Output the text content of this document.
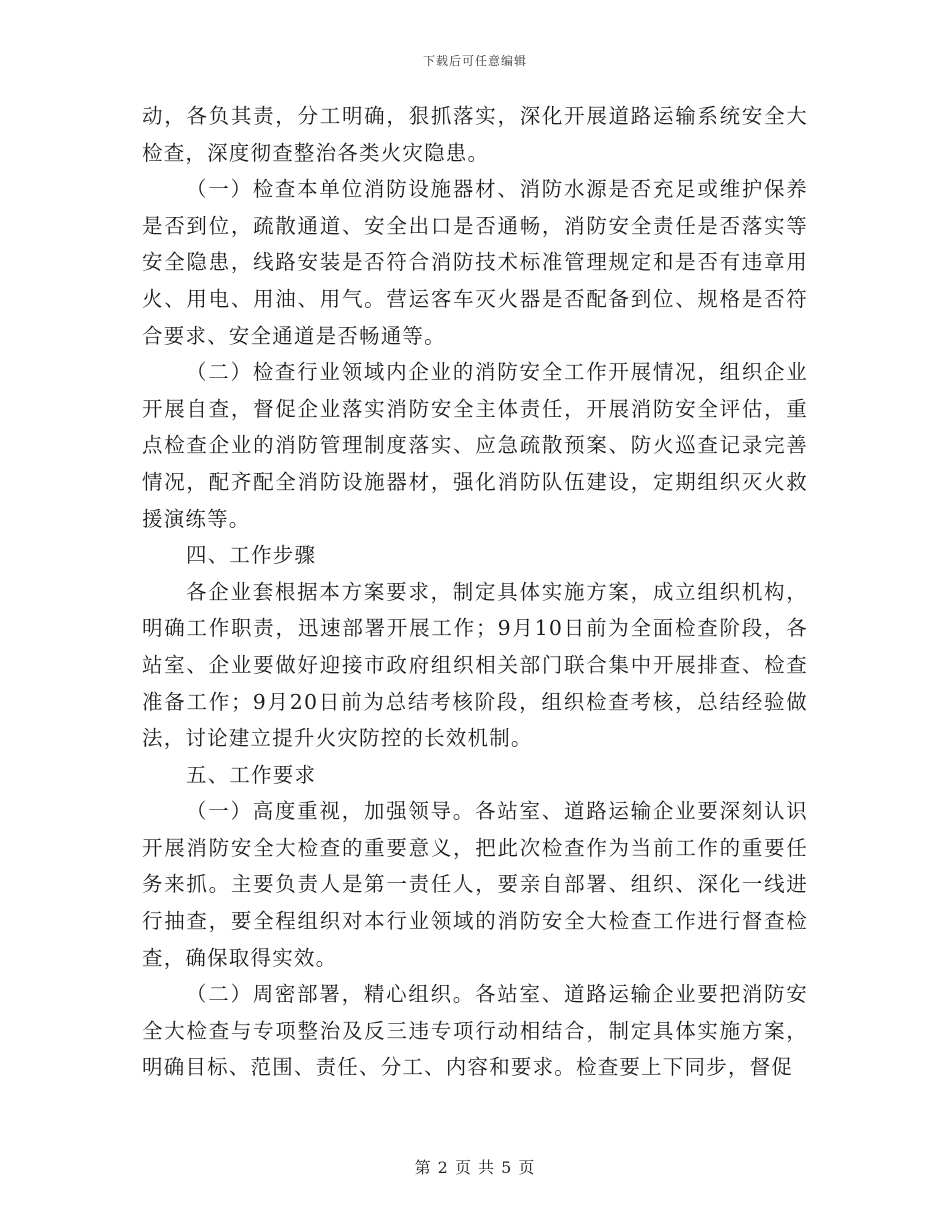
下载后可任意编辑

动，各负其责，分工明确，狠抓落实，深化开展道路运输系统安全大检查，深度彻查整治各类火灾隐患。

（一）检查本单位消防设施器材、消防水源是否充足或维护保养是否到位，疏散通道、安全出口是否通畅，消防安全责任是否落实等安全隐患，线路安装是否符合消防技术标准管理规定和是否有违章用火、用电、用油、用气。营运客车灭火器是否配备到位、规格是否符合要求、安全通道是否畅通等。

（二）检查行业领域内企业的消防安全工作开展情况，组织企业开展自查，督促企业落实消防安全主体责任，开展消防安全评估，重点检查企业的消防管理制度落实、应急疏散预案、防火巡查记录完善情况，配齐配全消防设施器材，强化消防队伍建设，定期组织灭火救援演练等。

四、工作步骤

各企业套根据本方案要求，制定具体实施方案，成立组织机构，明确工作职责，迅速部署开展工作；9月10日前为全面检查阶段，各站室、企业要做好迎接市政府组织相关部门联合集中开展排查、检查准备工作；9月20日前为总结考核阶段，组织检查考核，总结经验做法，讨论建立提升火灾防控的长效机制。

五、工作要求

（一）高度重视，加强领导。各站室、道路运输企业要深刻认识开展消防安全大检查的重要意义，把此次检查作为当前工作的重要任务来抓。主要负责人是第一责任人，要亲自部署、组织、深化一线进行抽查，要全程组织对本行业领域的消防安全大检查工作进行督查检查，确保取得实效。

（二）周密部署，精心组织。各站室、道路运输企业要把消防安全大检查与专项整治及反三违专项行动相结合，制定具体实施方案，明确目标、范围、责任、分工、内容和要求。检查要上下同步，督促

第 2 页 共 5 页
